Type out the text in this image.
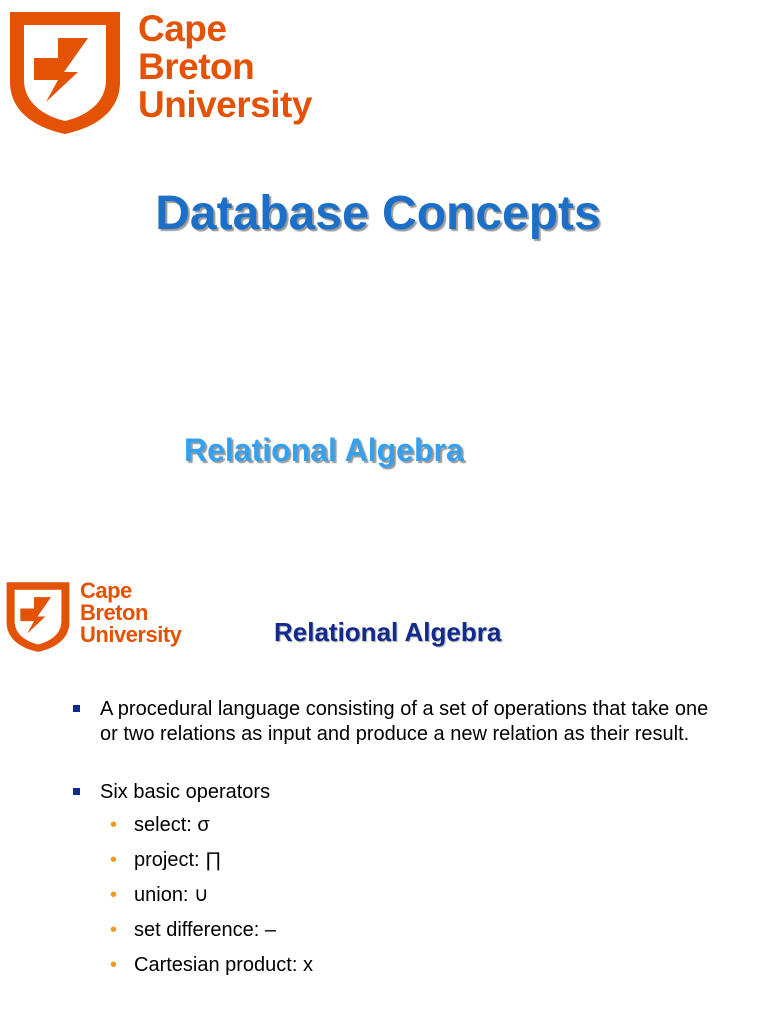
Cape
Breton
University
Database Concepts
Relational Algebra
Cape
Breton
University	Relational Algebra
A procedural language consisting of a set of operations that take one or two relations as input and produce a new relation as their result.
Six basic operators
• select: σ
• project: ∏
• union: ∪
• set difference: –
• Cartesian product: x
